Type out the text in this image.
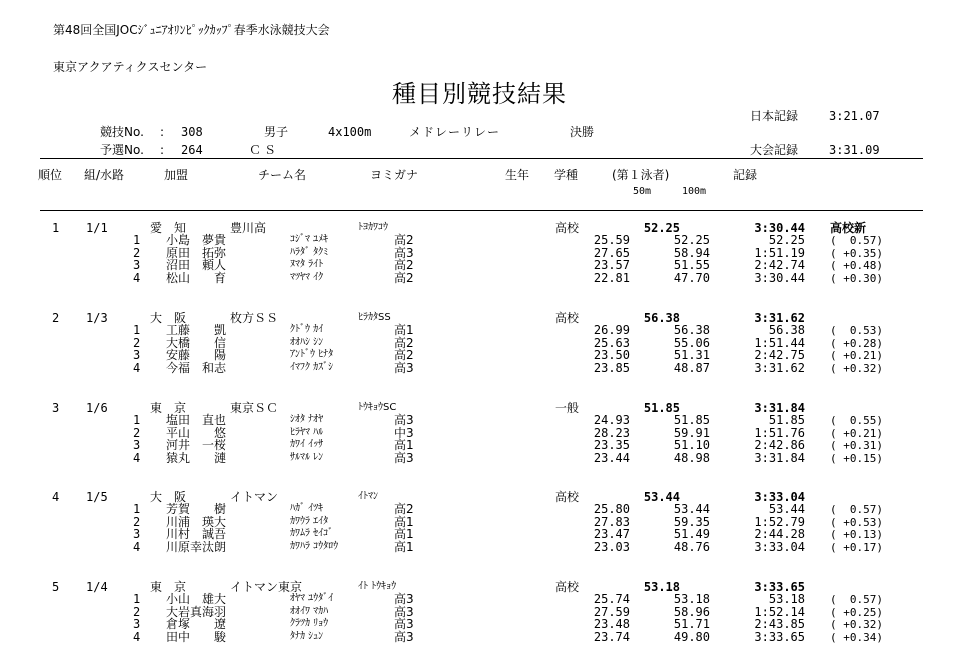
第48回全国JOCｼﾞｭﾆｱｵﾘﾝﾋﾟｯｸｶｯﾌﾟ春季水泳競技大会
東京アクアティクスセンター
種目別競技結果
日本記録	3:21.07
競技No. : 308	男子	4x100m	メドレーリレー	決勝
予選No. : 264	ＣＳ	大会記録	3:31.09
順位 組/水路	加盟	チーム名	ヨミガナ	生年 学種	(第１泳者)	記録
50m	100m
1 1/1	愛　知	豊川高	ﾄﾖｶﾜｺｳ	高校	52.25	3:30.44 高校新
1 小島　夢貴	ｺｼﾞﾏ ﾕﾒｷ	高2	25.59	52.25	52.25 (  0.57)
2 原田　拓弥	ﾊﾗﾀﾞ ﾀｸﾐ	高3	27.65	58.94	1:51.19 ( +0.35)
3 沼田　頼人	ﾇﾏﾀ ﾗｲﾄ	高2	23.57	51.55	2:42.74 ( +0.48)
4 松山　　育	ﾏﾂﾔﾏ ｲｸ	高2	22.81	47.70	3:30.44 ( +0.30)
2 1/3	大　阪	枚方ＳＳ	ﾋﾗｶﾀSS	高校	56.38	3:31.62
1 工藤　　凱	ｸﾄﾞｳ ｶｲ	高1	26.99	56.38	56.38 (  0.53)
2 大橋　　信	ｵｵﾊｼ ｼﾝ	高2	25.63	55.06	1:51.44 ( +0.28)
3 安藤　　陽	ｱﾝﾄﾞｳ ﾋﾅﾀ	高2	23.50	51.31	2:42.75 ( +0.21)
4 今福　和志	ｲﾏﾌｸ ｶｽﾞｼ	高3	23.85	48.87	3:31.62 ( +0.32)
3 1/6	東　京	東京ＳＣ	ﾄｳｷｮｳSC	一般	51.85	3:31.84
1 塩田　直也	ｼｵﾀ ﾅｵﾔ	高3	24.93	51.85	51.85 (  0.55)
2 平山　　悠	ﾋﾗﾔﾏ ﾊﾙ	中3	28.23	59.91	1:51.76 ( +0.21)
3 河井　一桜	ｶﾜｲ ｲｯｻ	高1	23.35	51.10	2:42.86 ( +0.31)
4 猿丸　　漣	ｻﾙﾏﾙ ﾚﾝ	高3	23.44	48.98	3:31.84 ( +0.15)
4 1/5	大　阪	イトマン	ｲﾄﾏﾝ	高校	53.44	3:33.04
1 芳賀　　樹	ﾊｶﾞ ｲﾂｷ	高2	25.80	53.44	53.44 (  0.57)
2 川浦　瑛大	ｶﾜｳﾗ ｴｲﾀ	高1	27.83	59.35	1:52.79 ( +0.53)
3 川村　誠吾	ｶﾜﾑﾗ ｾｲｺﾞ	高1	23.47	51.49	2:44.28 ( +0.13)
4 川原幸汰朗	ｶﾜﾊﾗ ｺｳﾀﾛｳ	高1	23.03	48.76	3:33.04 ( +0.17)
5 1/4	東　京	イトマン東京	ｲﾄ ﾄｳｷｮｳ	高校	53.18	3:33.65
1 小山　雄大	ｵﾔﾏ ﾕｳﾀﾞｲ	高3	25.74	53.18	53.18 (  0.57)
2 大岩真海羽	ｵｵｲﾜ ﾏｶﾊ	高3	27.59	58.96	1:52.14 ( +0.25)
3 倉塚　　遼	ｸﾗﾂｶ ﾘｮｳ	高3	23.48	51.71	2:43.85 ( +0.32)
4 田中　　駿	ﾀﾅｶ ｼｭﾝ	高3	23.74	49.80	3:33.65 ( +0.34)
